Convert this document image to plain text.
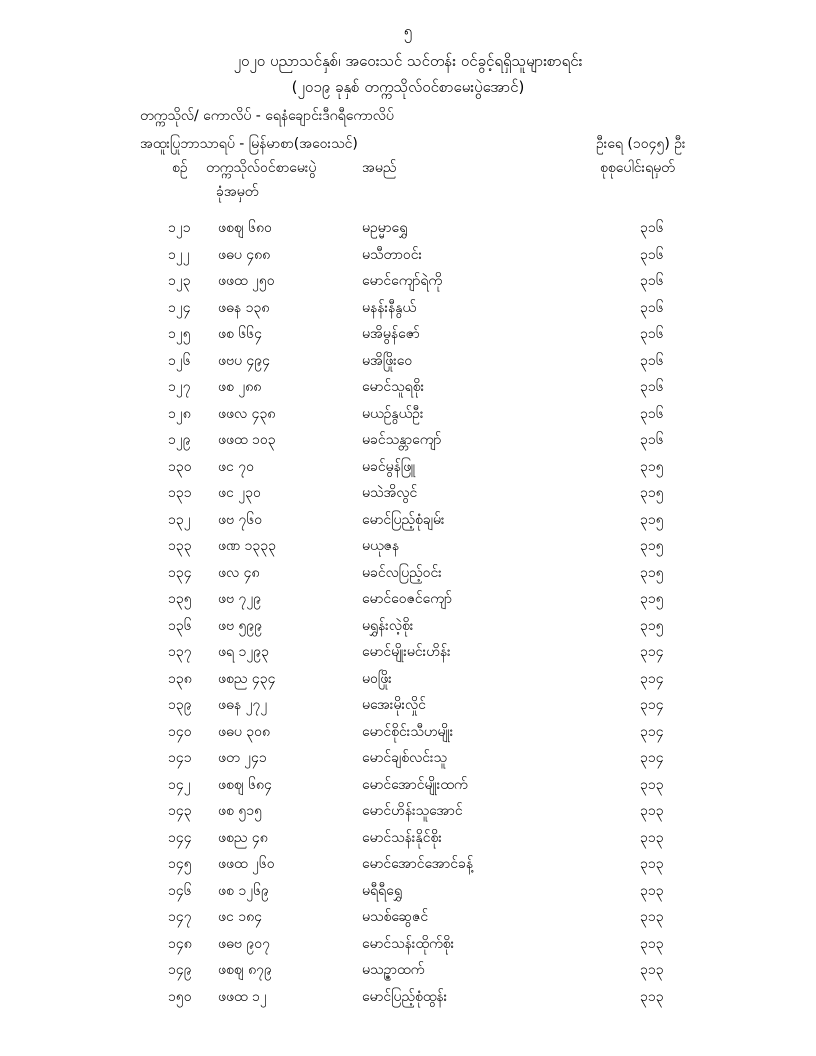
၅
၂၀၂၀ ပညာသင်နှစ်၊ အဝေးသင် သင်တန်း ဝင်ခွင့်ရရှိသူများစာရင်း
(၂၀၁၉ ခုနှစ် တက္ကသိုလ်ဝင်စာမေးပွဲအောင်)
တက္ကသိုလ်/ ကောလိပ် - ရေနံချောင်းဒီဂရီကောလိပ်
အထူးပြုဘာသာရပ် - မြန်မာစာ(အဝေးသင်)	ဦးရေ (၁၀၄၅) ဦး
စဉ် တက္ကသိုလ်ဝင်စာမေးပွဲ
ခုံအမှတ်
အမည်	စုစုပေါင်းရမှတ်
၁၂၁ ဖစဈ ၆၈၀	မဥမ္မာရွှေ	၃၁၆
၁၂၂ ဖဓပ ၄၈၈	မသီတာဝင်း	၃၁၆
၁၂၃ ဖဖထ ၂၅၀	မောင်ကျော်ရဲကို	၃၁၆
၁၂၄ ဖဓန ၁၃၈	မနန်းနီနွယ်	၃၁၆
၁၂၅ ဖစ ၆၆၄	မအိမွန်ဇော်	၃၁၆
၁၂၆ ဖဗပ ၄၉၄	မအိဖြိုးဝေ	၃၁၆
၁၂၇ ဖစ ၂၈၈	မောင်သူရစိုး	၃၁၆
၁၂၈ ဖဖလ ၄၃၈	မယဉ်နွယ်ဦး	၃၁၆
၁၂၉ ဖဖထ ၁၀၃	မခင်သန္တာကျော်	၃၁၆
၁၃၀ ဖင ၇၀	မခင်မွန်ဖြူ	၃၁၅
၁၃၁ ဖင ၂၃၀	မသဲအိလွင်	၃၁၅
၁၃၂ ဖဗ ၇၆၀	မောင်ပြည့်စုံချမ်း	၃၁၅
၁၃၃ ဖဏ ၁၃၃၃	မယုဇန	၃၁၅
၁၃၄ ဖလ ၄၈	မခင်လပြည့်ဝင်း	၃၁၅
၁၃၅ ဖဗ ၇၂၉	မောင်ဝေဇင်ကျော်	၃၁၅
၁၃၆ ဖဗ ၅၉၉	မရွှန်းလဲ့စိုး	၃၁၅
၁၃၇ ဖရ ၁၂၉၃	မောင်မျိုးမင်းဟိန်း	၃၁၄
၁၃၈ ဖစည ၄၃၄	မဝဖြိုး	၃၁၄
၁၃၉ ဖဓန ၂၇၂	မအေးမိုးလှိုင်	၃၁၄
၁၄၀ ဖဓပ ၃၀၈	မောင်စိုင်းသီဟမျိုး	၃၁၄
၁၄၁ ဖတ ၂၄၁	မောင်ချစ်လင်းသူ	၃၁၄
၁၄၂ ဖစဈ ၆၈၄	မောင်အောင်မျိုးထက်	၃၁၃
၁၄၃ ဖစ ၅၁၅	မောင်ဟိန်းသူအောင်	၃၁၃
၁၄၄ ဖစည ၄၈	မောင်သန်းနိုင်စိုး	၃၁၃
၁၄၅ ဖဖထ ၂၆၀	မောင်အောင်အောင်ခန့်	၃၁၃
၁၄၆ ဖစ ၁၂၆၉	မရီရီရွှေ	၃၁၃
၁၄၇ ဖင ၁၈၄	မသစ်ဆွေဇင်	၃၁၃
၁၄၈ ဖဓဗ ၉၀၇	မောင်သန်းထိုက်စိုး	၃၁၃
၁၄၉ ဖစဈ ၈၇၉	မသဉ္ဇာထက်	၃၁၃
၁၅၀ ဖဖထ ၁၂	မောင်ပြည့်စုံထွန်း	၃၁၃
